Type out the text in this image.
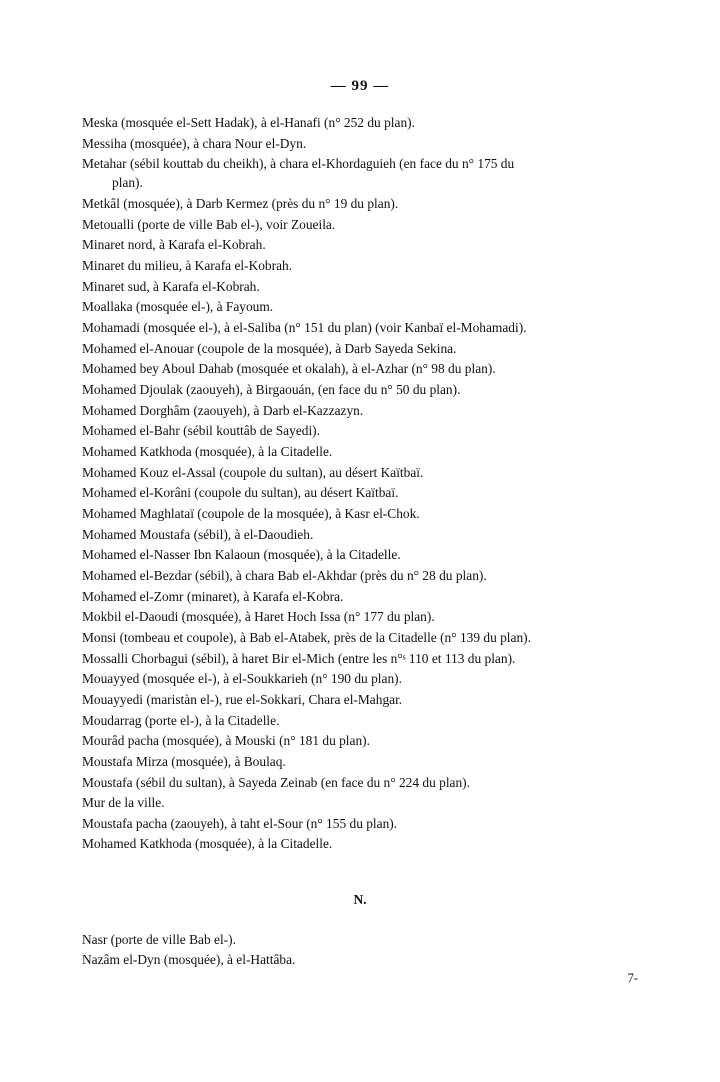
— 99 —

Meska (mosquée el-Sett Hadak), à el-Hanafi (n° 252 du plan).

Messiha (mosquée), à chara Nour el-Dyn.

Metahar (sébil kouttab du cheikh), à chara el-Khordaguieh (en face du n° 175 du
plan).

Metkâl (mosquée), à Darb Kermez (près du n° 19 du plan).

Metoualli (porte de ville Bab el-), voir Zoueila.

Minaret nord, à Karafa el-Kobrah.

Minaret du milieu, à Karafa el-Kobrah.

Minaret sud, à Karafa el-Kobrah.

Moallaka (mosquée el-), à Fayoum.

Mohamadi (mosquée el-), à el-Saliba (n° 151 du plan) (voir Kanbaï el-Mohamadi).

Mohamed el-Anouar (coupole de la mosquée), à Darb Sayeda Sekina.

Mohamed bey Aboul Dahab (mosquée et okalah), à el-Azhar (n° 98 du plan).

Mohamed Djoulak (zaouyeh), à Birgaouán, (en face du n° 50 du plan).

Mohamed Dorghâm (zaouyeh), à Darb el-Kazzazyn.

Mohamed el-Bahr (sébil kouttâb de Sayedi).

Mohamed Katkhoda (mosquée), à la Citadelle.

Mohamed Kouz el-Assal (coupole du sultan), au désert Kaïtbaï.

Mohamed el-Korâni (coupole du sultan), au désert Kaïtbaï.

Mohamed Maghlataï (coupole de la mosquée), à Kasr el-Chok.

Mohamed Moustafa (sébil), à el-Daoudieh.

Mohamed el-Nasser Ibn Kalaoun (mosquée), à la Citadelle.

Mohamed el-Bezdar (sébil), à chara Bab el-Akhdar (près du n° 28 du plan).

Mohamed el-Zomr (minaret), à Karafa el-Kobra.

Mokbil el-Daoudi (mosquée), à Haret Hoch Issa (n° 177 du plan).

Monsi (tombeau et coupole), à Bab el-Atabek, près de la Citadelle (n° 139 du plan).

Mossalli Chorbagui (sébil), à haret Bir el-Mich (entre les n°ˢ 110 et 113 du plan).

Mouayyed (mosquée el-), à el-Soukkarieh (n° 190 du plan).

Mouayyedi (maristàn el-), rue el-Sokkari, Chara el-Mahgar.

Moudarrag (porte el-), à la Citadelle.

Mourâd pacha (mosquée), à Mouski (n° 181 du plan).

Moustafa Mirza (mosquée), à Boulaq.

Moustafa (sébil du sultan), à Sayeda Zeinab (en face du n° 224 du plan).

Mur de la ville.

Moustafa pacha (zaouyeh), à taht el-Sour (n° 155 du plan).

Mohamed Katkhoda (mosquée), à la Citadelle.

N.

Nasr (porte de ville Bab el-).

Nazâm el-Dyn (mosquée), à el-Hattâba.

7-
